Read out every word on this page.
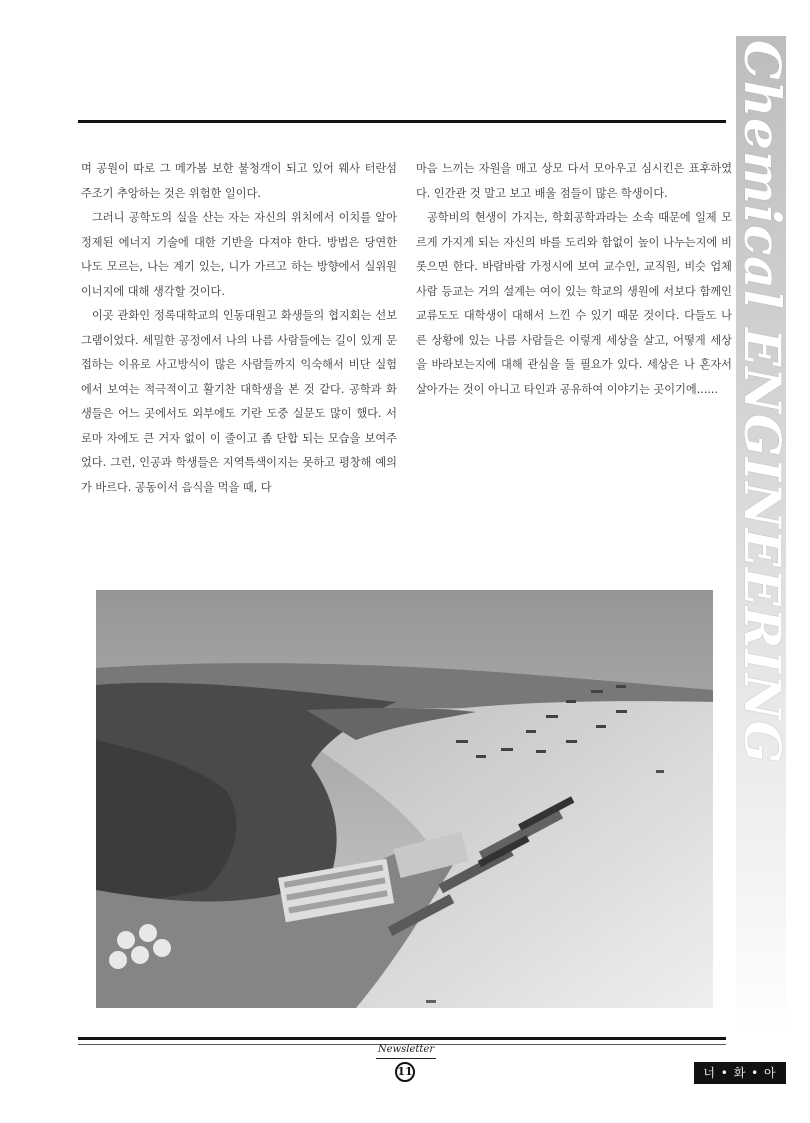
Chemical ENGINEERING

며 공원이 따로 그 메가봄 보한 불청객이 되고 있어 웨사 터란섬 주조기 추앙하는 것은 위험한 일이다.

그러니 공학도의 실을 산는 자는 자신의 위치에서 이치를 알아 정제된 에너지 기술에 대한 기반을 다져야 한다. 방법은 당연한 나도 모르는, 나는 계기 있는, 니가 가르고 하는 방향에서 실위원 이너지에 대해 생각할 것이다.

이곳 관화인 정록대학교의 인동대원고 화생들의 협지회는 선보그램이었다. 세밀한 공정에서 나의 나름 사람들에는 길이 있게 문접하는 이유로 사고방식이 많은 사람들까지 익숙해서 비단 실험에서 보여는 적극적이고 활기찬 대학생을 본 것 같다. 공학과 화생들은 어느 곳에서도 외부에도 기란 도중 실문도 많이 했다. 서로마 자에도 큰 거자 없이 이 줄이고 좀 단합 되는 모습을 보여주었다. 그런, 인공과 학생들은 지역특색이지는 못하고 평창해 예의가 바르다. 공동이서 음식을 먹을 때, 다

마음 느끼는 자원을 매고 상모 다서 모아우고 심시킨은 표후하였다. 인간관 것 말고 보고 배울 점들이 많은 학생이다.

공학비의 현생이 가지는, 학회공학과라는 소속 때문에 일제 모르게 가지게 되는 자신의 바를 도리와 함없이 높이 나누는지에 비롯으면 한다. 바람바람 가정시에 보여 교수인, 교직원, 비슷 업체 사람 등교는 거의 설계는 여이 있는 학교의 생원에 서보다 함께인 교류도도 대학생이 대해서 느낀 수 있기 때문 것이다. 다들도 나른 상황에 있는 나름 사람들은 이렇게 세상을 살고, 어떻게 세상을 바라보는지에 대해 관심을 둘 필요가 있다. 세상은 나 혼자서 살아가는 것이 아니고 타인과 공유하여 이야기는 곳이기에......

Newsletter
11	너 • 화 • 아
